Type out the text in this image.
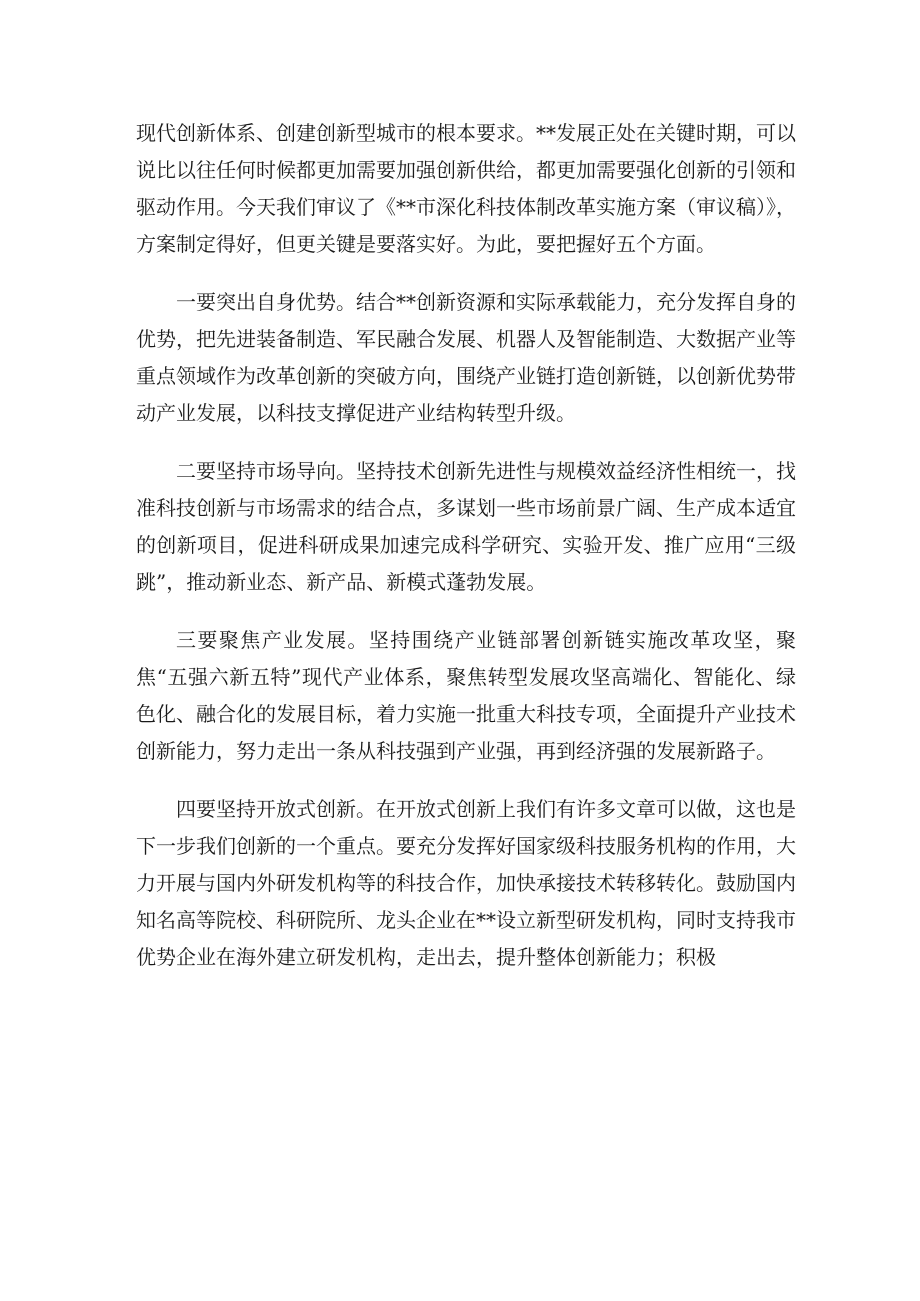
现代创新体系、创建创新型城市的根本要求。**发展正处在关键时期，可以说比以往任何时候都更加需要加强创新供给，都更加需要强化创新的引领和驱动作用。今天我们审议了《**市深化科技体制改革实施方案（审议稿）》，方案制定得好，但更关键是要落实好。为此，要把握好五个方面。

一要突出自身优势。结合**创新资源和实际承载能力，充分发挥自身的优势，把先进装备制造、军民融合发展、机器人及智能制造、大数据产业等重点领域作为改革创新的突破方向，围绕产业链打造创新链，以创新优势带动产业发展，以科技支撑促进产业结构转型升级。

二要坚持市场导向。坚持技术创新先进性与规模效益经济性相统一，找准科技创新与市场需求的结合点，多谋划一些市场前景广阔、生产成本适宜的创新项目，促进科研成果加速完成科学研究、实验开发、推广应用“三级跳”，推动新业态、新产品、新模式蓬勃发展。

三要聚焦产业发展。坚持围绕产业链部署创新链实施改革攻坚，聚焦“五强六新五特”现代产业体系，聚焦转型发展攻坚高端化、智能化、绿色化、融合化的发展目标，着力实施一批重大科技专项，全面提升产业技术创新能力，努力走出一条从科技强到产业强，再到经济强的发展新路子。

四要坚持开放式创新。在开放式创新上我们有许多文章可以做，这也是下一步我们创新的一个重点。要充分发挥好国家级科技服务机构的作用，大力开展与国内外研发机构等的科技合作，加快承接技术转移转化。鼓励国内知名高等院校、科研院所、龙头企业在**设立新型研发机构，同时支持我市优势企业在海外建立研发机构，走出去，提升整体创新能力；积极
